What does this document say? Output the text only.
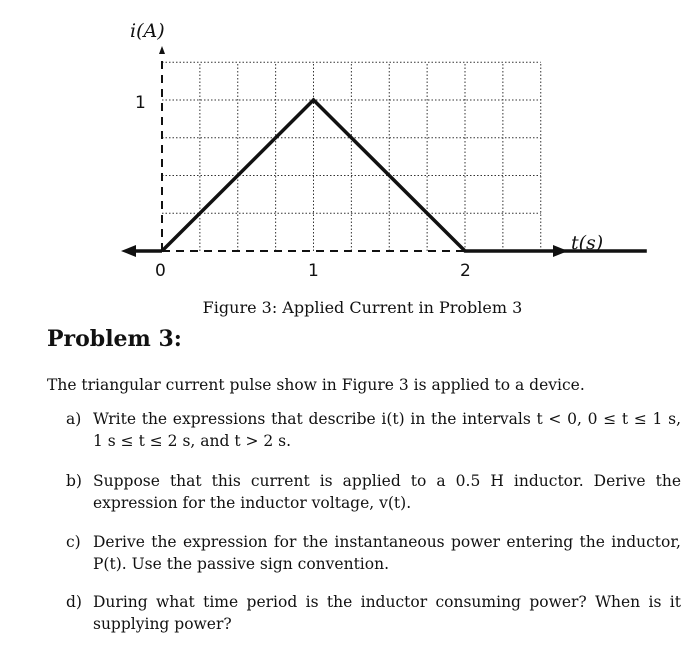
i(A)
t(s)
1
0	1	2
Figure 3: Applied Current in Problem 3
Problem 3:
The triangular current pulse show in Figure 3 is applied to a device.
a) Write the expressions that describe i(t) in the intervals t < 0, 0 ≤ t ≤ 1 s, 1 s ≤ t ≤ 2 s, and t > 2 s.
b) Suppose that this current is applied to a 0.5 H inductor. Derive the expression for the inductor voltage, v(t).
c) Derive the expression for the instantaneous power entering the inductor, P(t). Use the passive sign convention.
d) During what time period is the inductor consuming power? When is it supplying power?
